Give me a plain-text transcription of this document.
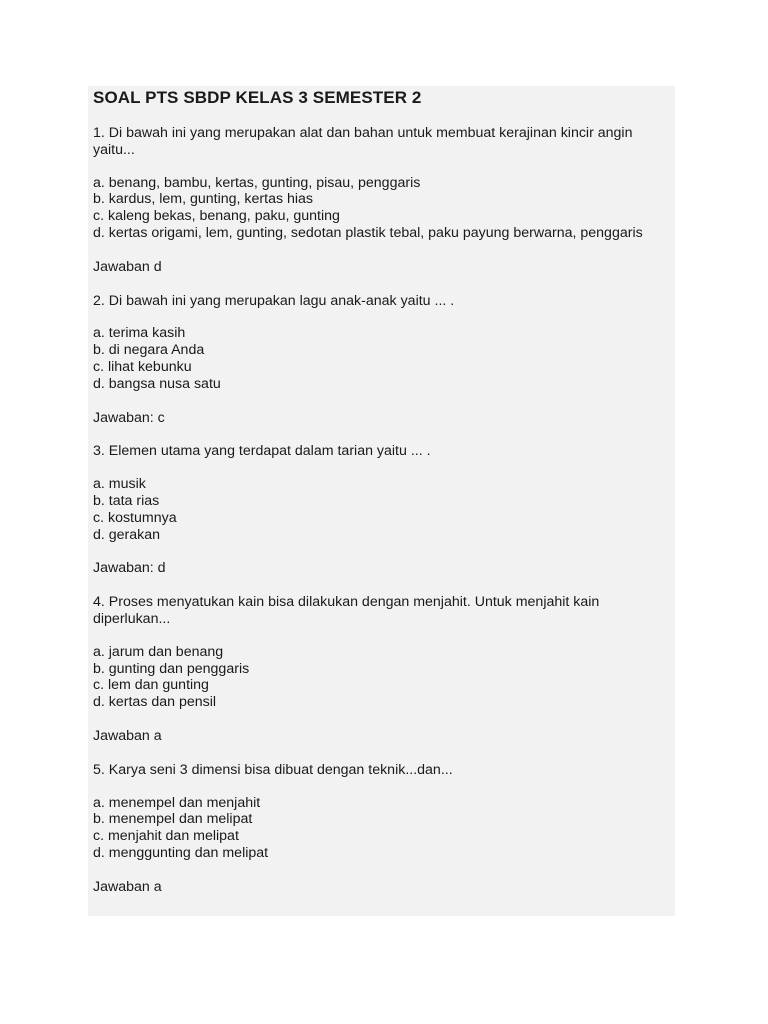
SOAL PTS SBDP KELAS 3 SEMESTER 2
1. Di bawah ini yang merupakan alat dan bahan untuk membuat kerajinan kincir angin yaitu...
a. benang, bambu, kertas, gunting, pisau, penggaris
b. kardus, lem, gunting, kertas hias
c. kaleng bekas, benang, paku, gunting
d. kertas origami, lem, gunting, sedotan plastik tebal, paku payung berwarna, penggaris
Jawaban d
2. Di bawah ini yang merupakan lagu anak-anak yaitu ... .
a. terima kasih
b. di negara Anda
c. lihat kebunku
d. bangsa nusa satu
Jawaban: c
3. Elemen utama yang terdapat dalam tarian yaitu ... .
a. musik
b. tata rias
c. kostumnya
d. gerakan
Jawaban: d
4. Proses menyatukan kain bisa dilakukan dengan menjahit. Untuk menjahit kain diperlukan...
a. jarum dan benang
b. gunting dan penggaris
c. lem dan gunting
d. kertas dan pensil
Jawaban a
5. Karya seni 3 dimensi bisa dibuat dengan teknik...dan...
a. menempel dan menjahit
b. menempel dan melipat
c. menjahit dan melipat
d. menggunting dan melipat
Jawaban a
